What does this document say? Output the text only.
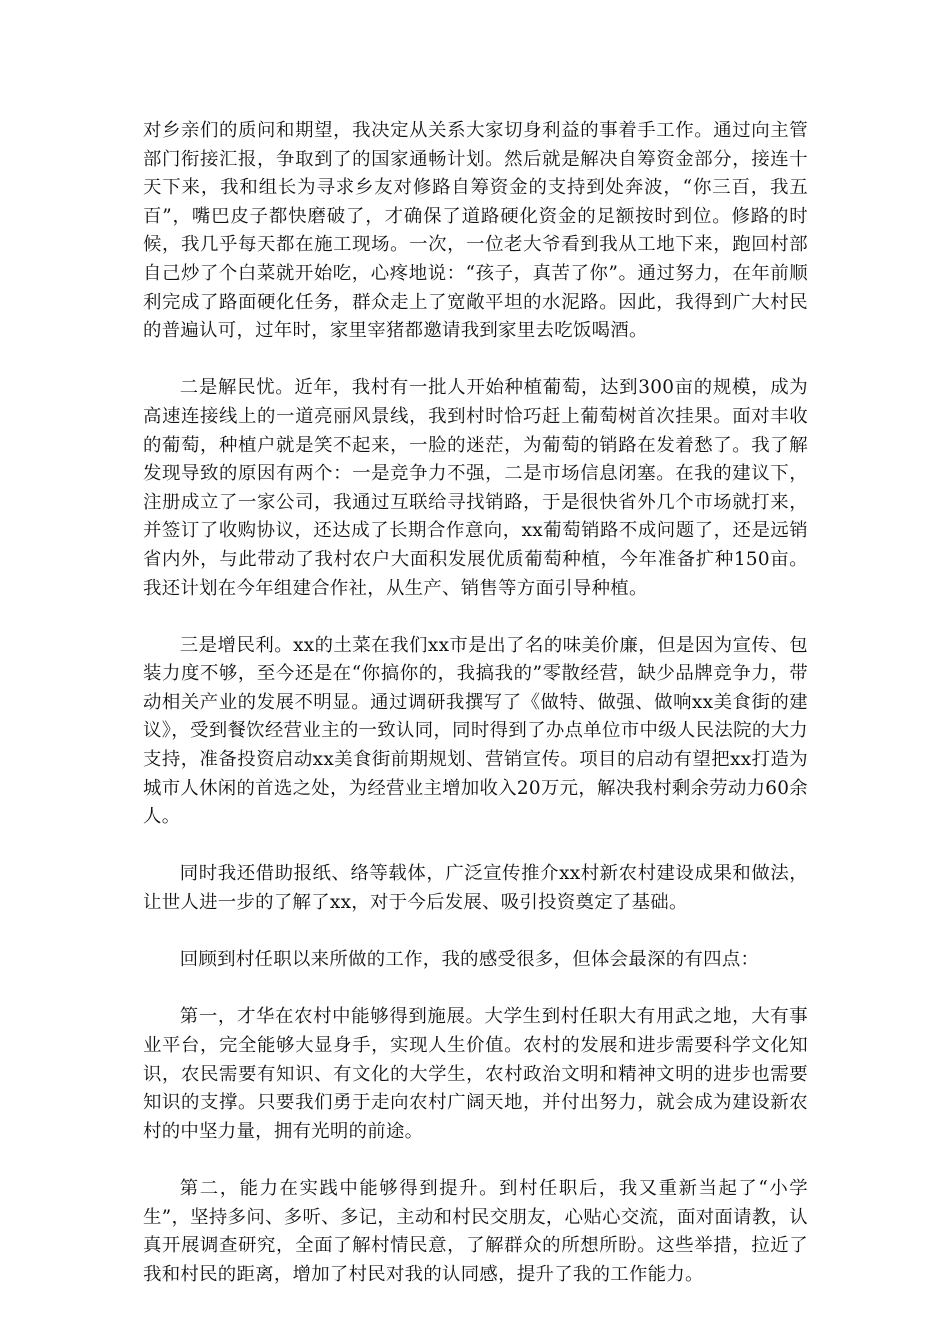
对乡亲们的质问和期望，我决定从关系大家切身利益的事着手工作。通过向主管部门衔接汇报，争取到了的国家通畅计划。然后就是解决自筹资金部分，接连十天下来，我和组长为寻求乡友对修路自筹资金的支持到处奔波，“你三百，我五百”，嘴巴皮子都快磨破了，才确保了道路硬化资金的足额按时到位。修路的时候，我几乎每天都在施工现场。一次，一位老大爷看到我从工地下来，跑回村部自己炒了个白菜就开始吃，心疼地说：“孩子，真苦了你”。通过努力，在年前顺利完成了路面硬化任务，群众走上了宽敞平坦的水泥路。因此，我得到广大村民的普遍认可，过年时，家里宰猪都邀请我到家里去吃饭喝酒。

二是解民忧。近年，我村有一批人开始种植葡萄，达到300亩的规模，成为高速连接线上的一道亮丽风景线，我到村时恰巧赶上葡萄树首次挂果。面对丰收的葡萄，种植户就是笑不起来，一脸的迷茫，为葡萄的销路在发着愁了。我了解发现导致的原因有两个：一是竞争力不强，二是市场信息闭塞。在我的建议下，注册成立了一家公司，我通过互联给寻找销路，于是很快省外几个市场就打来，并签订了收购协议，还达成了长期合作意向，xx葡萄销路不成问题了，还是远销省内外，与此带动了我村农户大面积发展优质葡萄种植，今年准备扩种150亩。我还计划在今年组建合作社，从生产、销售等方面引导种植。

三是增民利。xx的土菜在我们xx市是出了名的味美价廉，但是因为宣传、包装力度不够，至今还是在“你搞你的，我搞我的”零散经营，缺少品牌竞争力，带动相关产业的发展不明显。通过调研我撰写了《做特、做强、做响xx美食街的建议》，受到餐饮经营业主的一致认同，同时得到了办点单位市中级人民法院的大力支持，准备投资启动xx美食街前期规划、营销宣传。项目的启动有望把xx打造为城市人休闲的首选之处，为经营业主增加收入20万元，解决我村剩余劳动力60余人。

同时我还借助报纸、络等载体，广泛宣传推介xx村新农村建设成果和做法，让世人进一步的了解了xx，对于今后发展、吸引投资奠定了基础。

回顾到村任职以来所做的工作，我的感受很多，但体会最深的有四点：

第一，才华在农村中能够得到施展。大学生到村任职大有用武之地，大有事业平台，完全能够大显身手，实现人生价值。农村的发展和进步需要科学文化知识，农民需要有知识、有文化的大学生，农村政治文明和精神文明的进步也需要知识的支撑。只要我们勇于走向农村广阔天地，并付出努力，就会成为建设新农村的中坚力量，拥有光明的前途。

第二，能力在实践中能够得到提升。到村任职后，我又重新当起了“小学生”，坚持多问、多听、多记，主动和村民交朋友，心贴心交流，面对面请教，认真开展调查研究，全面了解村情民意，了解群众的所想所盼。这些举措，拉近了我和村民的距离，增加了村民对我的认同感，提升了我的工作能力。
